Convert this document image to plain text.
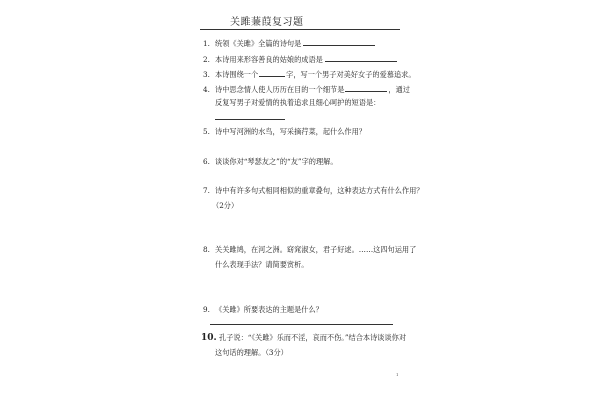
关雎蒹葭复习题
1. 统领《关雎》全篇的诗句是
2. 本诗用来形容善良的姑娘的成语是
3. 本诗围绕一个	字，写一个男子对美好女子的爱慕追求。
4. 诗中思念情人使人历历在目的一个细节是	，通过
反复写男子对爱情的执着追求且细心呵护的短语是：
5. 诗中写河洲的水鸟，写采摘荇菜，起什么作用？
6. 谈谈你对“琴瑟友之”的“友”字的理解。
7. 诗中有许多句式相同相似的重章叠句，这种表达方式有什么作用？
（2分）
8. 关关雎鸠，在河之洲。窈窕淑女，君子好逑。……这四句运用了
什么表现手法？请简要赏析。
9. 《关雎》所要表达的主题是什么？
10. 孔子说：“《关雎》乐而不淫，哀而不伤。”结合本诗谈谈你对
这句话的理解。（3分）
1
